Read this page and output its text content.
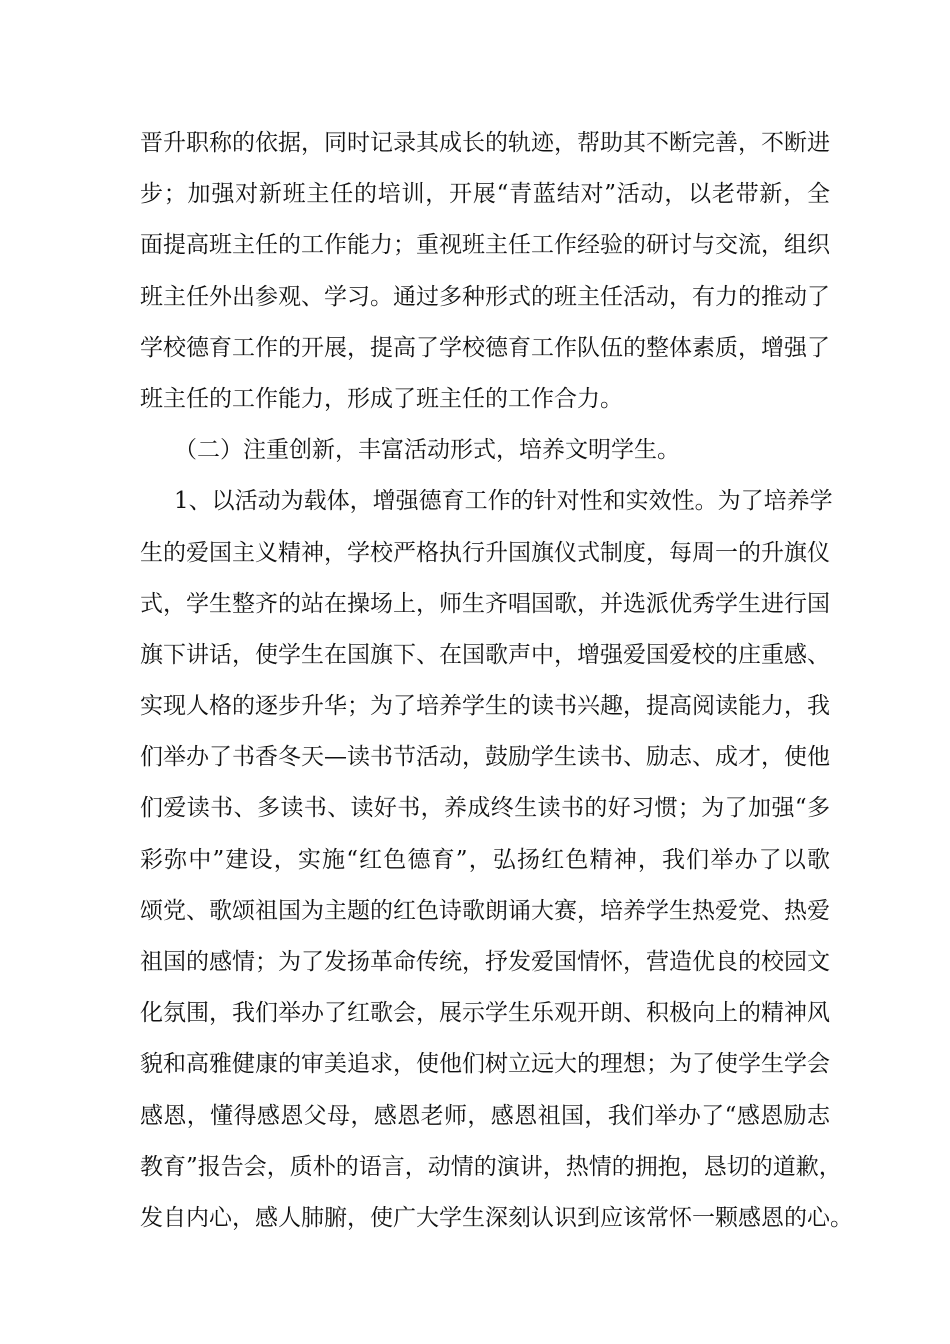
晋升职称的依据，同时记录其成长的轨迹，帮助其不断完善，不断进
步；加强对新班主任的培训，开展“青蓝结对”活动，以老带新，全
面提高班主任的工作能力；重视班主任工作经验的研讨与交流，组织
班主任外出参观、学习。通过多种形式的班主任活动，有力的推动了
学校德育工作的开展，提高了学校德育工作队伍的整体素质，增强了
班主任的工作能力，形成了班主任的工作合力。
（二）注重创新，丰富活动形式，培养文明学生。
1、以活动为载体，增强德育工作的针对性和实效性。为了培养学
生的爱国主义精神，学校严格执行升国旗仪式制度，每周一的升旗仪
式，学生整齐的站在操场上，师生齐唱国歌，并选派优秀学生进行国
旗下讲话，使学生在国旗下、在国歌声中，增强爱国爱校的庄重感、
实现人格的逐步升华；为了培养学生的读书兴趣，提高阅读能力，我
们举办了书香冬天—读书节活动，鼓励学生读书、励志、成才，使他
们爱读书、多读书、读好书，养成终生读书的好习惯；为了加强“多
彩弥中”建设，实施“红色德育”，弘扬红色精神，我们举办了以歌
颂党、歌颂祖国为主题的红色诗歌朗诵大赛，培养学生热爱党、热爱
祖国的感情；为了发扬革命传统，抒发爱国情怀，营造优良的校园文
化氛围，我们举办了红歌会，展示学生乐观开朗、积极向上的精神风
貌和高雅健康的审美追求，使他们树立远大的理想；为了使学生学会
感恩，懂得感恩父母，感恩老师，感恩祖国，我们举办了“感恩励志
教育”报告会，质朴的语言，动情的演讲，热情的拥抱，恳切的道歉，
发自内心，感人肺腑，使广大学生深刻认识到应该常怀一颗感恩的心。
